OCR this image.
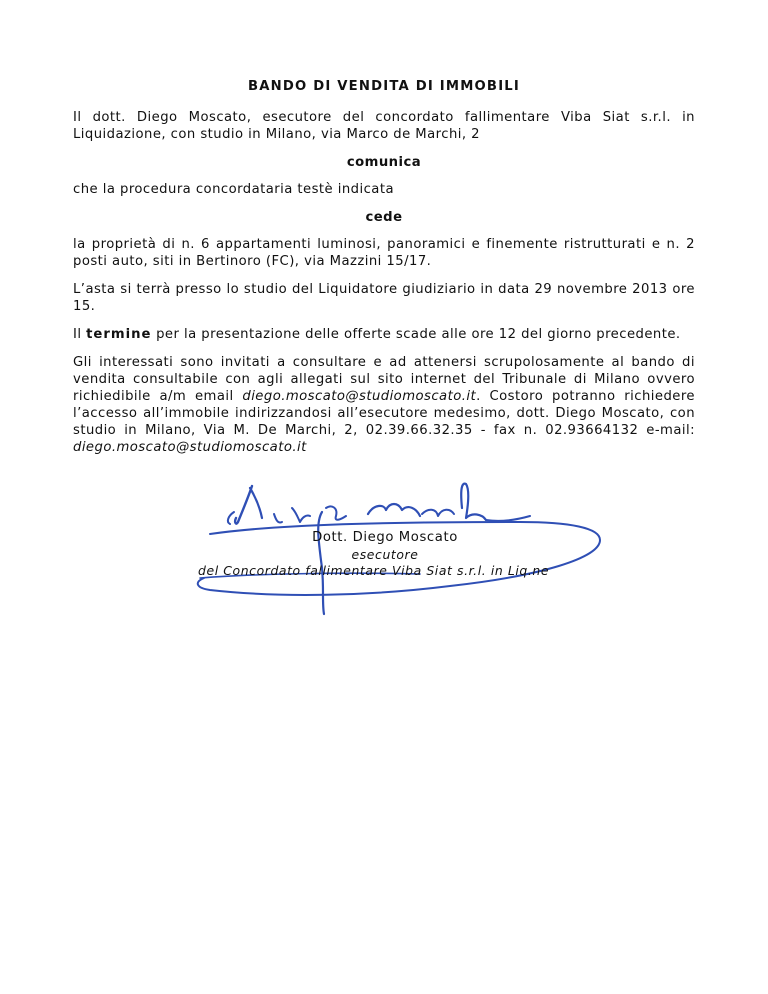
BANDO DI VENDITA DI IMMOBILI

Il dott. Diego Moscato, esecutore del concordato fallimentare Viba Siat s.r.l. in Liquidazione, con studio in Milano, via Marco de Marchi, 2

comunica

che la procedura concordataria testè indicata

cede

la proprietà di n. 6 appartamenti luminosi, panoramici e finemente ristrutturati e n. 2 posti auto, siti in Bertinoro (FC), via Mazzini 15/17.

L’asta si terrà presso lo studio del Liquidatore giudiziario in data 29 novembre 2013 ore 15.

Il termine per la presentazione delle offerte scade alle ore 12 del giorno precedente.

Gli interessati sono invitati a consultare e ad attenersi scrupolosamente al bando di vendita consultabile con agli allegati sul sito internet del Tribunale di Milano ovvero richiedibile a/m email diego.moscato@studiomoscato.it. Costoro potranno richiedere l’accesso all’immobile indirizzandosi all’esecutore medesimo, dott. Diego Moscato, con studio in Milano, Via M. De Marchi, 2, 02.39.66.32.35 - fax n. 02.93664132 e-mail: diego.moscato@studiomoscato.it

Dott. Diego Moscato
esecutore
del Concordato fallimentare Viba Siat s.r.l. in Liq.ne
